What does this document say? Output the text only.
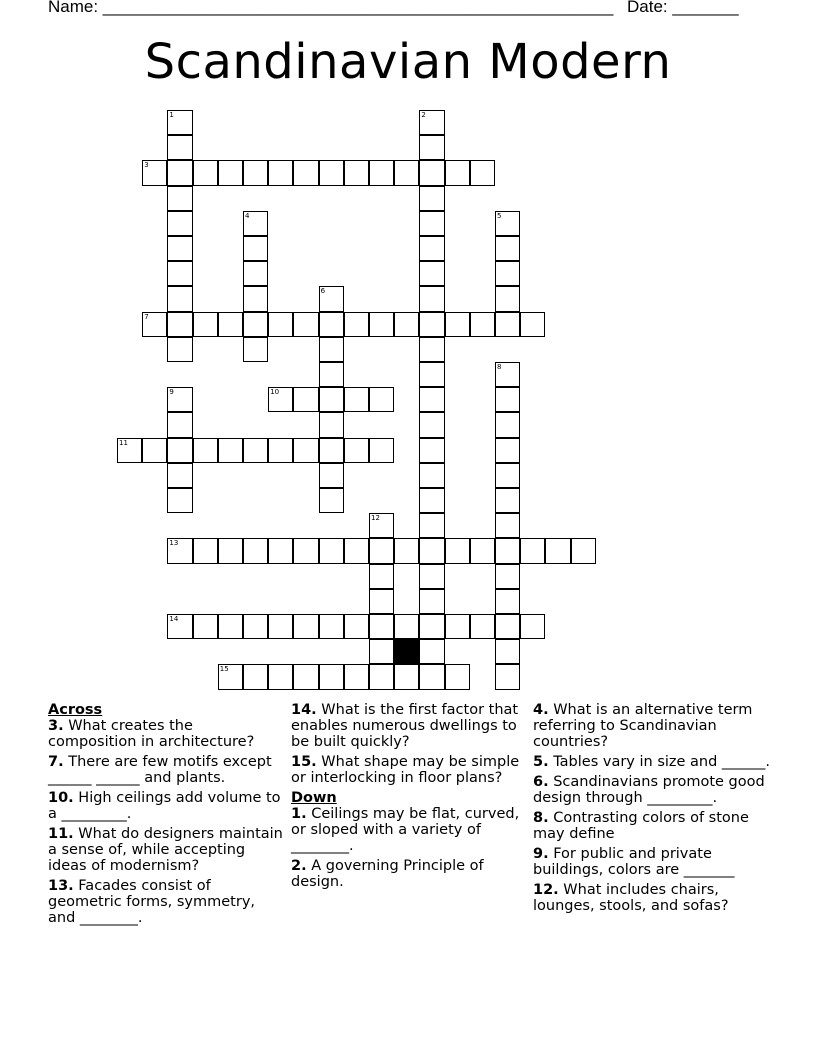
Name: ______________________________________________________ Date: _______
Scandinavian Modern
1	2
3
4	5
6
7
8
9	10
11
12
13
14
15
Across
3. What creates the composition in architecture?
7. There are few motifs except ______ ______ and plants.
10. High ceilings add volume to a _________.
11. What do designers maintain a sense of, while accepting ideas of modernism?
13. Facades consist of geometric forms, symmetry, and ________.
14. What is the first factor that enables numerous dwellings to be built quickly?
15. What shape may be simple or interlocking in floor plans?
Down
1. Ceilings may be flat, curved, or sloped with a variety of ________.
2. A governing Principle of design.
4. What is an alternative term referring to Scandinavian countries?
5. Tables vary in size and ______.
6. Scandinavians promote good design through _________.
8. Contrasting colors of stone may define
9. For public and private buildings, colors are _______
12. What includes chairs, lounges, stools, and sofas?
